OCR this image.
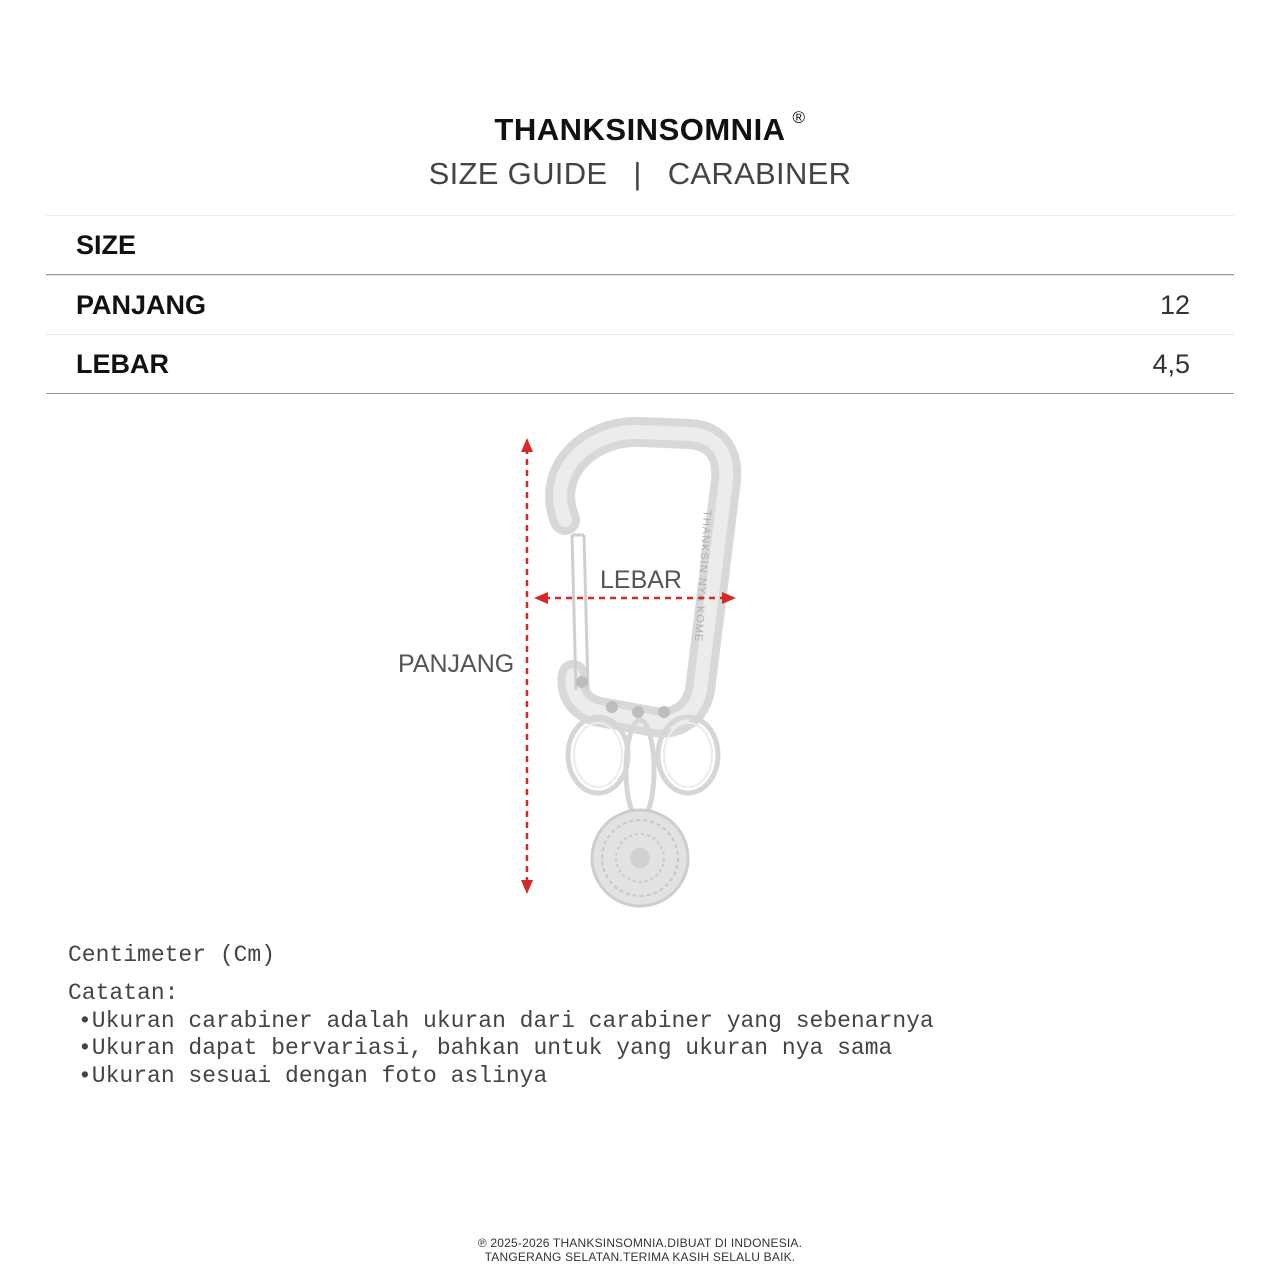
THANKSINSOMNIA ®
SIZE GUIDE | CARABINER
SIZE
PANJANG	12
LEBAR	4,5
THANKSIN NYA KOME
PANJANG
LEBAR
Centimeter (Cm)
Catatan:
•Ukuran carabiner adalah ukuran dari carabiner yang sebenarnya
•Ukuran dapat bervariasi, bahkan untuk yang ukuran nya sama
•Ukuran sesuai dengan foto aslinya
℗ 2025-2026 THANKSINSOMNIA.DIBUAT DI INDONESIA.
TANGERANG SELATAN.TERIMA KASIH SELALU BAIK.
